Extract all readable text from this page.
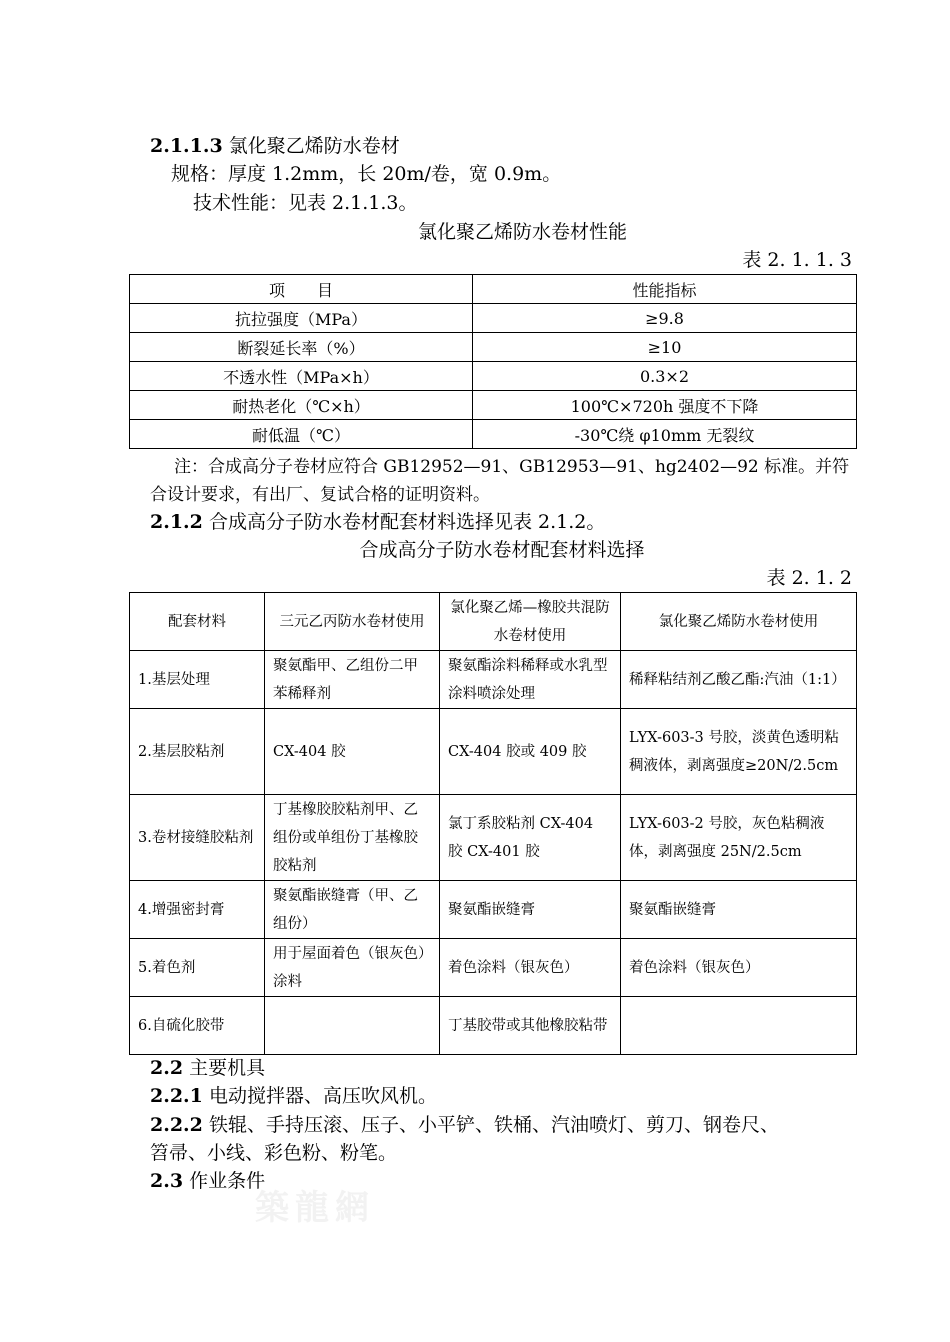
2.1.1.3 氯化聚乙烯防水卷材
规格：厚度 1.2mm，长 20m/卷，宽 0.9m。
技术性能：见表 2.1.1.3。
氯化聚乙烯防水卷材性能
表 2. 1. 1. 3
项　　目	性能指标
抗拉强度（MPa）	≥9.8
断裂延长率（%）	≥10
不透水性（MPa×h）	0.3×2
耐热老化（℃×h）	100℃×720h 强度不下降
耐低温（℃）	-30℃绕 φ10mm 无裂纹
注：合成高分子卷材应符合 GB12952—91、GB12953—91、hg2402—92 标准。并符
合设计要求，有出厂、复试合格的证明资料。
2.1.2 合成高分子防水卷材配套材料选择见表 2.1.2。
合成高分子防水卷材配套材料选择
表 2. 1. 2
配套材料	三元乙丙防水卷材使用	氯化聚乙烯—橡胶共混防水卷材使用	氯化聚乙烯防水卷材使用
1.基层处理	聚氨酯甲、乙组份二甲苯稀释剂	聚氨酯涂料稀释或水乳型涂料喷涂处理	稀释粘结剂乙酸乙酯:汽油（1:1）
2.基层胶粘剂	CX-404 胶	CX-404 胶或 409 胶	LYX-603-3 号胶，淡黄色透明粘稠液体，剥离强度≥20N/2.5cm
3.卷材接缝胶粘剂	丁基橡胶胶粘剂甲、乙组份或单组份丁基橡胶胶粘剂	氯丁系胶粘剂 CX-404 胶 CX-401 胶	LYX-603-2 号胶，灰色粘稠液体，剥离强度 25N/2.5cm
4.增强密封膏	聚氨酯嵌缝膏（甲、乙组份）	聚氨酯嵌缝膏	聚氨酯嵌缝膏
5.着色剂	用于屋面着色（银灰色）涂料	着色涂料（银灰色）	着色涂料（银灰色）
6.自硫化胶带		丁基胶带或其他橡胶粘带	
2.2 主要机具
2.2.1 电动搅拌器、高压吹风机。
2.2.2 铁辊、手持压滚、压子、小平铲、铁桶、汽油喷灯、剪刀、钢卷尺、
笤帚、小线、彩色粉、粉笔。
2.3 作业条件
築龍網
